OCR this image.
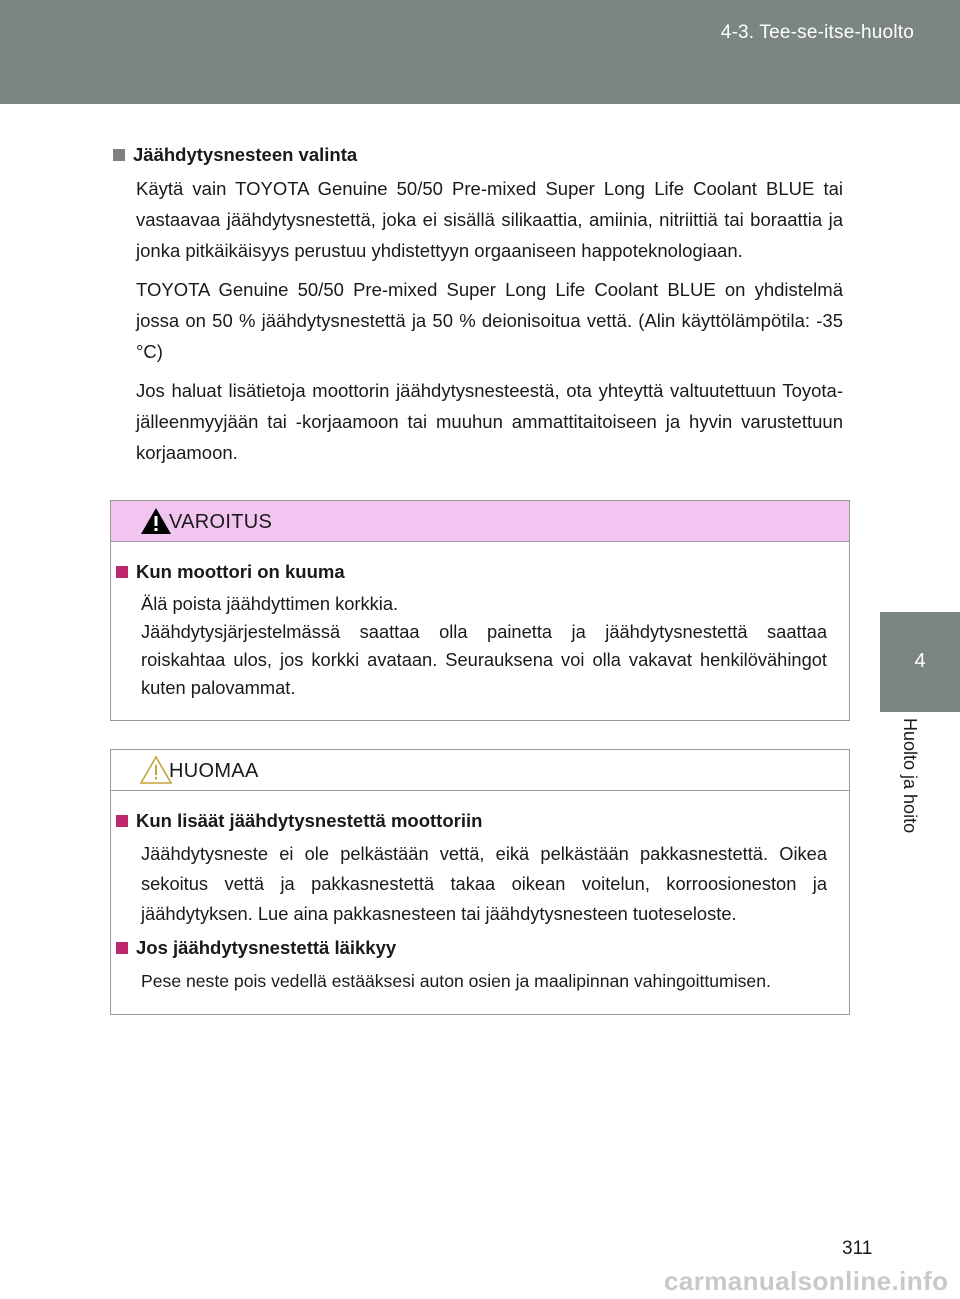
4-3. Tee-se-itse-huolto
4
Huolto ja hoito
Jäähdytysnesteen valinta

Käytä vain TOYOTA Genuine 50/50 Pre-mixed Super Long Life Coolant BLUE tai vastaavaa jäähdytysnestettä, joka ei sisällä silikaattia, amiinia, nitriittiä tai boraattia ja jonka pitkäikäisyys perustuu yhdistettyyn orgaaniseen happoteknologiaan.

TOYOTA Genuine 50/50 Pre-mixed Super Long Life Coolant BLUE on yhdistelmä jossa on 50 % jäähdytysnestettä ja 50 % deionisoitua vettä. (Alin käyttölämpötila: -35 °C)

Jos haluat lisätietoja moottorin jäähdytysnesteestä, ota yhteyttä valtuutettuun Toyota-jälleenmyyjään tai -korjaamoon tai muuhun ammattitaitoiseen ja hyvin varustettuun korjaamoon.

VAROITUS
Kun moottori on kuuma

Älä poista jäähdyttimen korkkia.

Jäähdytysjärjestelmässä saattaa olla painetta ja jäähdytysnestettä saattaa roiskahtaa ulos, jos korkki avataan. Seurauksena voi olla vakavat henkilövähingot kuten palovammat.

HUOMAA
Kun lisäät jäähdytysnestettä moottoriin

Jäähdytysneste ei ole pelkästään vettä, eikä pelkästään pakkasnestettä. Oikea sekoitus vettä ja pakkasnestettä takaa oikean voitelun, korroosioneston ja jäähdytyksen. Lue aina pakkasnesteen tai jäähdytysnesteen tuoteseloste.

Jos jäähdytysnestettä läikkyy

Pese neste pois vedellä estääksesi auton osien ja maalipinnan vahingoittumisen.

311
carmanualsonline.info
